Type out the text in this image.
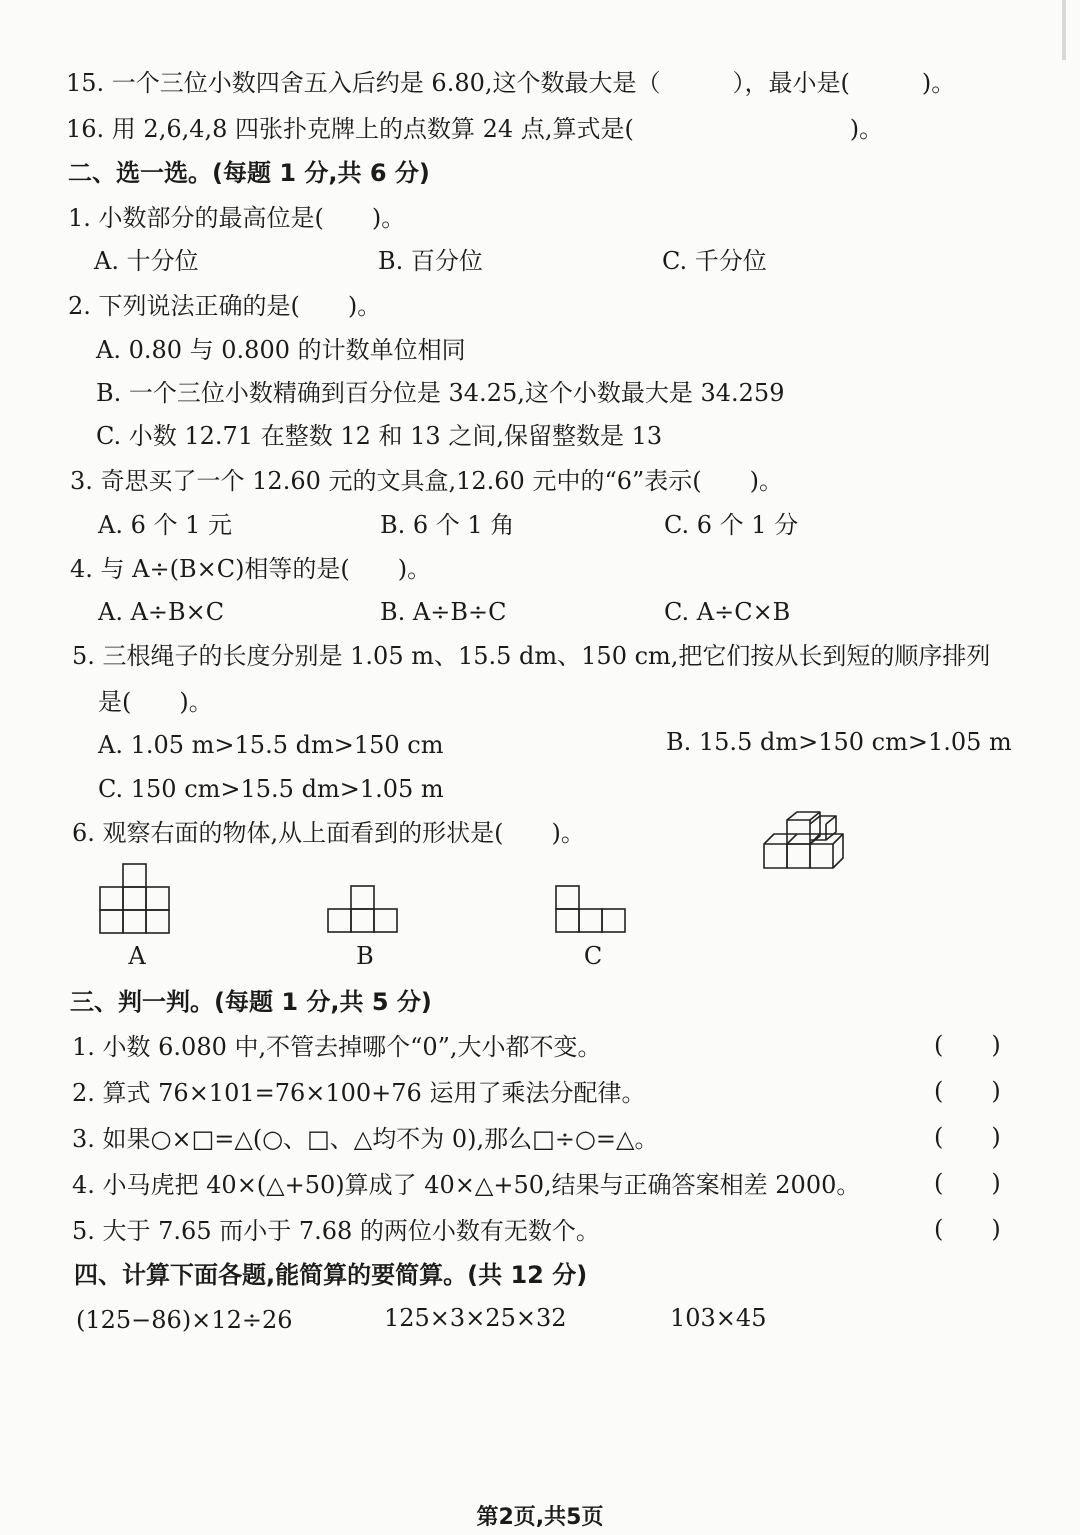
15. 一个三位小数四舍五入后约是 6.80,这个数最大是（　　　），最小是(　　　)。
16. 用 2,6,4,8 四张扑克牌上的点数算 24 点,算式是(　　　　　　　　　)。
二、选一选。(每题 1 分,共 6 分)
1. 小数部分的最高位是(　　)。
A. 十分位	B. 百分位	C. 千分位
2. 下列说法正确的是(　　)。
A. 0.80 与 0.800 的计数单位相同
B. 一个三位小数精确到百分位是 34.25,这个小数最大是 34.259
C. 小数 12.71 在整数 12 和 13 之间,保留整数是 13
3. 奇思买了一个 12.60 元的文具盒,12.60 元中的“6”表示(　　)。
A. 6 个 1 元	B. 6 个 1 角	C. 6 个 1 分
4. 与 A÷(B×C)相等的是(　　)。
A. A÷B×C	B. A÷B÷C	C. A÷C×B
5. 三根绳子的长度分别是 1.05 m、15.5 dm、150 cm,把它们按从长到短的顺序排列
是(　　)。
A. 1.05 m>15.5 dm>150 cm	B. 15.5 dm>150 cm>1.05 m
C. 150 cm>15.5 dm>1.05 m
6. 观察右面的物体,从上面看到的形状是(　　)。
A	B	C
三、判一判。(每题 1 分,共 5 分)
1. 小数 6.080 中,不管去掉哪个“0”,大小都不变。	(　　)
2. 算式 76×101=76×100+76 运用了乘法分配律。	(　　)
3. 如果○×□=△(○、□、△均不为 0),那么□÷○=△。	(　　)
4. 小马虎把 40×(△+50)算成了 40×△+50,结果与正确答案相差 2000。	(　　)
5. 大于 7.65 而小于 7.68 的两位小数有无数个。	(　　)
四、计算下面各题,能简算的要简算。(共 12 分)
(125−86)×12÷26	125×3×25×32	103×45
第2页,共5页
